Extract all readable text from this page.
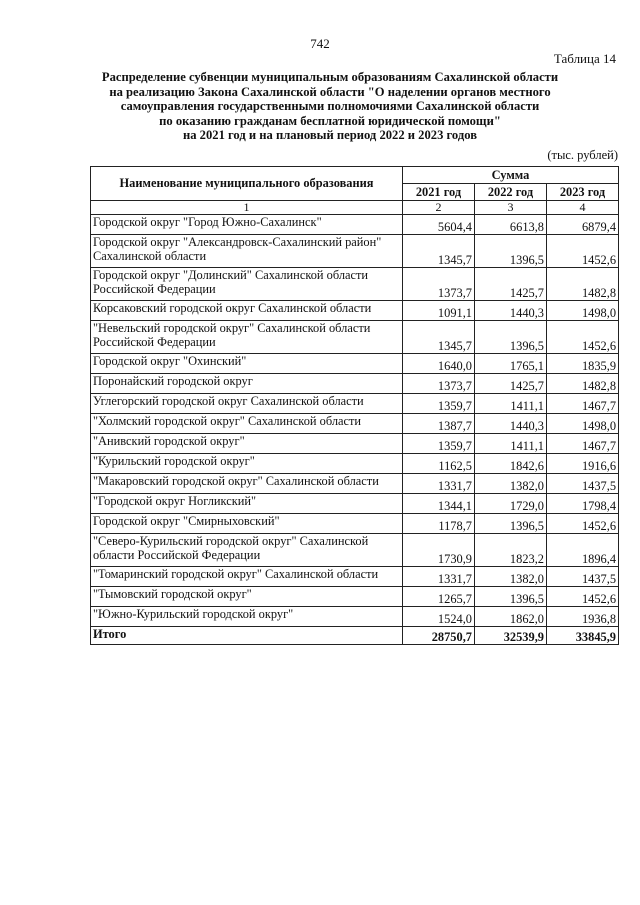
742
Таблица 14
Распределение субвенции муниципальным образованиям Сахалинской области
на реализацию Закона Сахалинской области "О наделении органов местного
самоуправления государственными полномочиями Сахалинской области
по оказанию гражданам бесплатной юридической помощи"
на 2021 год и на плановый период 2022 и 2023 годов
(тыс. рублей)
Наименование муниципального образования	Сумма		
	2021 год	2022 год	2023 год
1	2	3	4
Городской округ "Город Южно-Сахалинск"	5604,4	6613,8	6879,4
Городской округ "Александровск-Сахалинский район" Сахалинской области	1345,7	1396,5	1452,6
Городской округ "Долинский" Сахалинской области Российской Федерации	1373,7	1425,7	1482,8
Корсаковский городской округ Сахалинской области	1091,1	1440,3	1498,0
"Невельский городской округ" Сахалинской области Российской Федерации	1345,7	1396,5	1452,6
Городской округ "Охинский"	1640,0	1765,1	1835,9
Поронайский городской округ	1373,7	1425,7	1482,8
Углегорский городской округ Сахалинской области	1359,7	1411,1	1467,7
"Холмский городской округ" Сахалинской области	1387,7	1440,3	1498,0
"Анивский городской округ"	1359,7	1411,1	1467,7
"Курильский городской округ"	1162,5	1842,6	1916,6
"Макаровский городской округ" Сахалинской области	1331,7	1382,0	1437,5
"Городской округ Ногликский"	1344,1	1729,0	1798,4
Городской округ "Смирныховский"	1178,7	1396,5	1452,6
"Северо-Курильский городской округ" Сахалинской области Российской Федерации	1730,9	1823,2	1896,4
"Томаринский городской округ" Сахалинской области	1331,7	1382,0	1437,5
"Тымовский городской округ"	1265,7	1396,5	1452,6
"Южно-Курильский городской округ"	1524,0	1862,0	1936,8
Итого	28750,7	32539,9	33845,9
